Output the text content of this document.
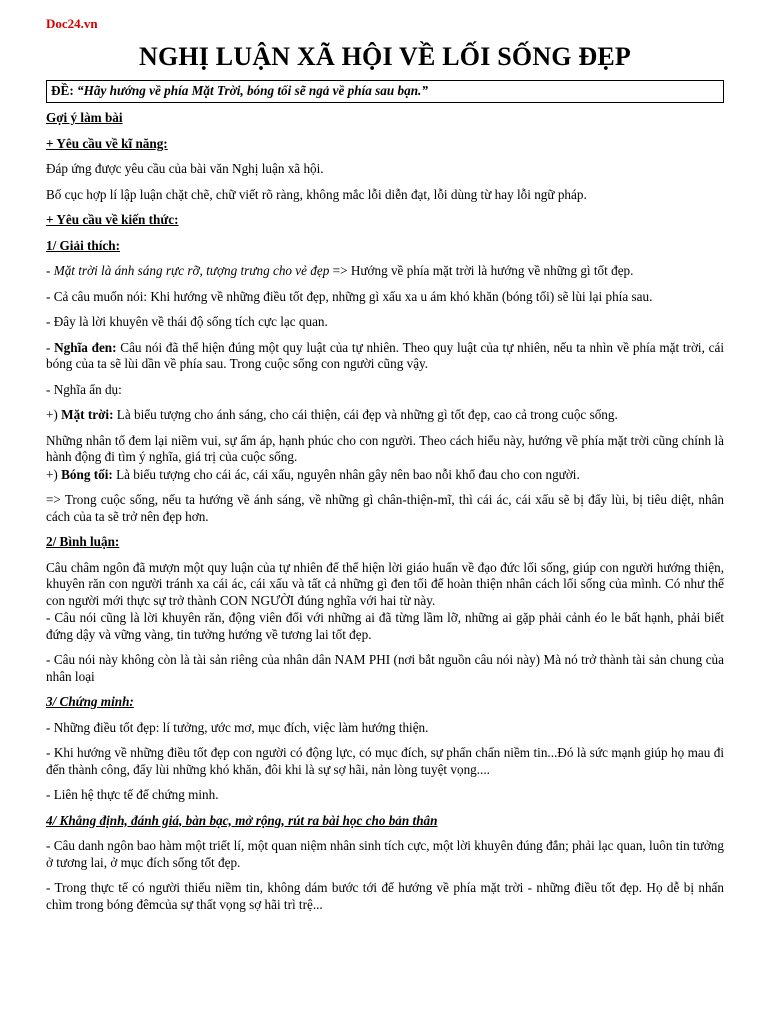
Doc24.vn
NGHỊ LUẬN XÃ HỘI VỀ LỐI SỐNG ĐẸP
ĐỀ: “Hãy hướng về phía Mặt Trời, bóng tối sẽ ngả về phía sau bạn.”

Gợi ý làm bài

+ Yêu cầu về kĩ năng:

Đáp ứng được yêu cầu của bài văn Nghị luận xã hội.

Bố cục hợp lí lập luận chặt chẽ, chữ viết rõ ràng, không mắc lỗi diễn đạt, lỗi dùng từ hay lỗi ngữ pháp.

+ Yêu cầu về kiến thức:

1/ Giải thích:

- Mặt trời là ánh sáng rực rỡ, tượng trưng cho vẻ đẹp => Hướng về phía mặt trời là hướng về những gì tốt đẹp.

- Cả câu muốn nói: Khi hướng về những điều tốt đẹp, những gì xấu xa u ám khó khăn (bóng tối) sẽ lùi lại phía sau.

- Đây là lời khuyên về thái độ sống tích cực lạc quan.

- Nghĩa đen: Câu nói đã thể hiện đúng một quy luật của tự nhiên. Theo quy luật của tự nhiên, nếu ta nhìn về phía mặt trời, cái bóng của ta sẽ lùi dần về phía sau. Trong cuộc sống con người cũng vậy.

- Nghĩa ẩn dụ:

+) Mặt trời: Là biểu tượng cho ánh sáng, cho cái thiện, cái đẹp và những gì tốt đẹp, cao cả trong cuộc sống.

Những nhân tố đem lại niềm vui, sự ấm áp, hạnh phúc cho con người. Theo cách hiểu này, hướng về phía mặt trời cũng chính là hành động đi tìm ý nghĩa, giá trị của cuộc sống.

+) Bóng tối: Là biểu tượng cho cái ác, cái xấu, nguyên nhân gây nên bao nỗi khổ đau cho con người.

=> Trong cuộc sống, nếu ta hướng về ánh sáng, về những gì chân-thiện-mĩ, thì cái ác, cái xấu sẽ bị đẩy lùi, bị tiêu diệt, nhân cách của ta sẽ trở nên đẹp hơn.

2/ Bình luận:

Câu châm ngôn đã mượn một quy luận của tự nhiên để thể hiện lời giáo huấn về đạo đức lối sống, giúp con người hướng thiện, khuyên răn con người tránh xa cái ác, cái xấu và tất cả những gì đen tối để hoàn thiện nhân cách lối sống của mình. Có như thế con người mới thực sự trở thành CON NGƯỜI đúng nghĩa với hai từ này.

- Câu nói cũng là lời khuyên răn, động viên đối với những ai đã từng lầm lỡ, những ai gặp phải cảnh éo le bất hạnh, phải biết đứng dậy và vững vàng, tin tưởng hướng về tương lai tốt đẹp.

- Câu nói này không còn là tài sản riêng của nhân dân NAM PHI (nơi bắt nguồn câu nói này) Mà nó trở thành tài sản chung của nhân loại

3/ Chứng minh:

- Những điều tốt đẹp: lí tưởng, ước mơ, mục đích, việc làm hướng thiện.

- Khi hướng về những điều tốt đẹp con người có động lực, có mục đích, sự phấn chấn niềm tin...Đó là sức mạnh giúp họ mau đi đến thành công, đẩy lùi những khó khăn, đôi khi là sự sợ hãi, nản lòng tuyệt vọng....

- Liên hệ thực tế để chứng minh.

4/ Khẳng định, đánh giá, bàn bạc, mở rộng, rút ra bài học cho bản thân

- Câu danh ngôn bao hàm một triết lí, một quan niệm nhân sinh tích cực, một lời khuyên đúng đắn; phải lạc quan, luôn tin tưởng ở tương lai, ở mục đích sống tốt đẹp.

- Trong thực tế có người thiếu niềm tin, không dám bước tới để hướng về phía mặt trời - những điều tốt đẹp. Họ dễ bị nhấn chìm trong bóng đêmcủa sự thất vọng sợ hãi trì trệ...
